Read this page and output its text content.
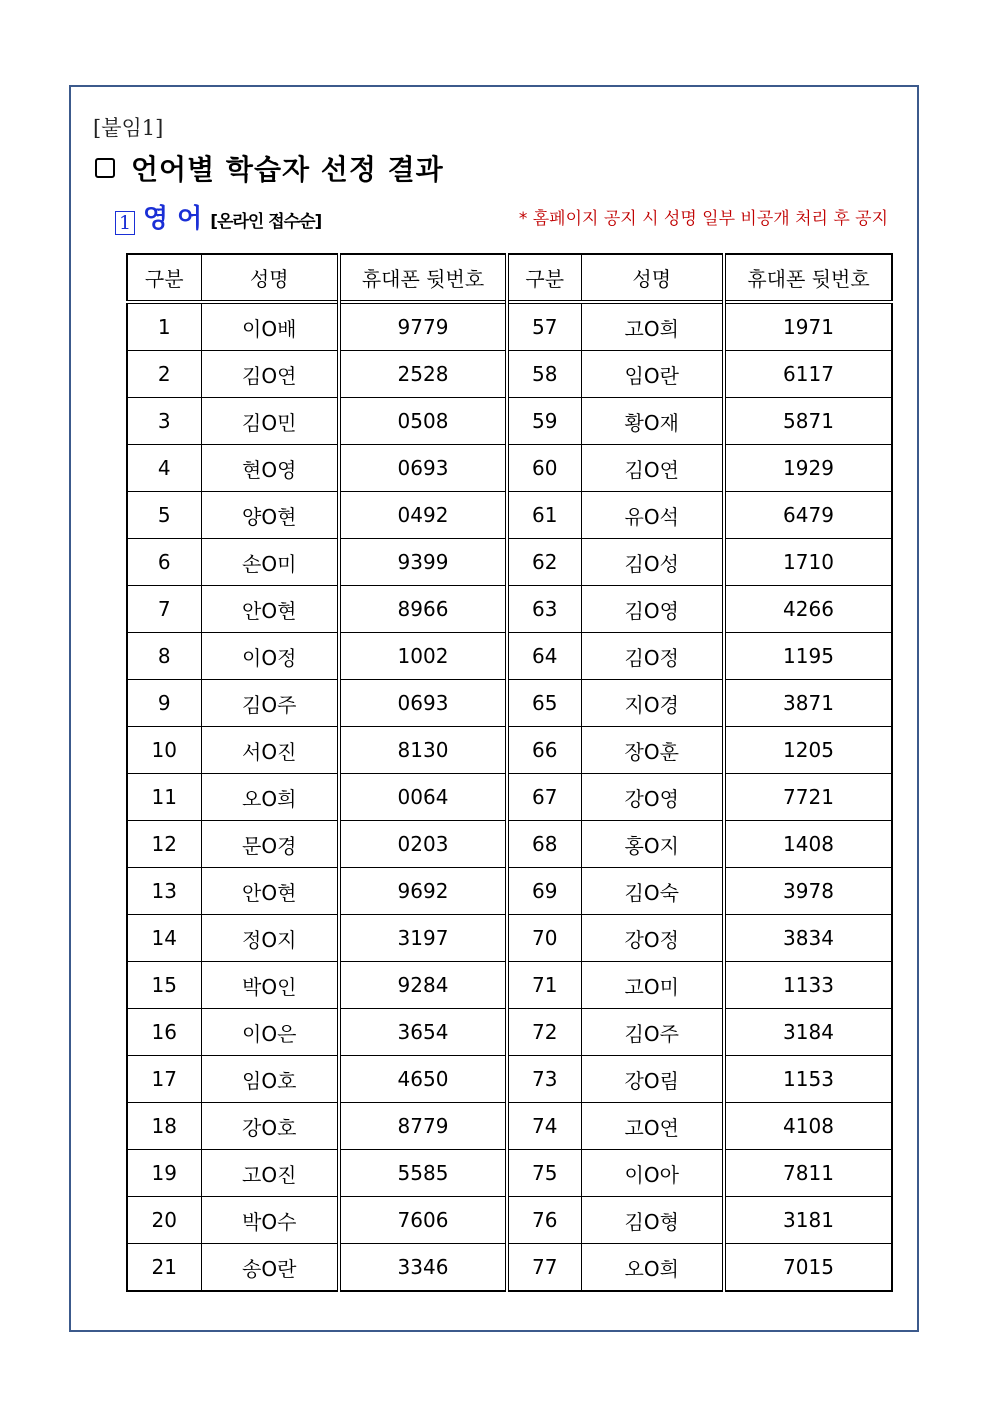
[붙임1]
언어별 학습자 선정 결과
1 영 어 [온라인 접수순]	* 홈페이지 공지 시 성명 일부 비공개 처리 후 공지
구분	성명	휴대폰 뒷번호	구분	성명	휴대폰 뒷번호
1	이O배	9779	57	고O희	1971
2	김O연	2528	58	임O란	6117
3	김O민	0508	59	황O재	5871
4	현O영	0693	60	김O연	1929
5	양O현	0492	61	유O석	6479
6	손O미	9399	62	김O성	1710
7	안O현	8966	63	김O영	4266
8	이O정	1002	64	김O정	1195
9	김O주	0693	65	지O경	3871
10	서O진	8130	66	장O훈	1205
11	오O희	0064	67	강O영	7721
12	문O경	0203	68	홍O지	1408
13	안O현	9692	69	김O숙	3978
14	정O지	3197	70	강O정	3834
15	박O인	9284	71	고O미	1133
16	이O은	3654	72	김O주	3184
17	임O호	4650	73	강O림	1153
18	강O호	8779	74	고O연	4108
19	고O진	5585	75	이O아	7811
20	박O수	7606	76	김O형	3181
21	송O란	3346	77	오O희	7015
